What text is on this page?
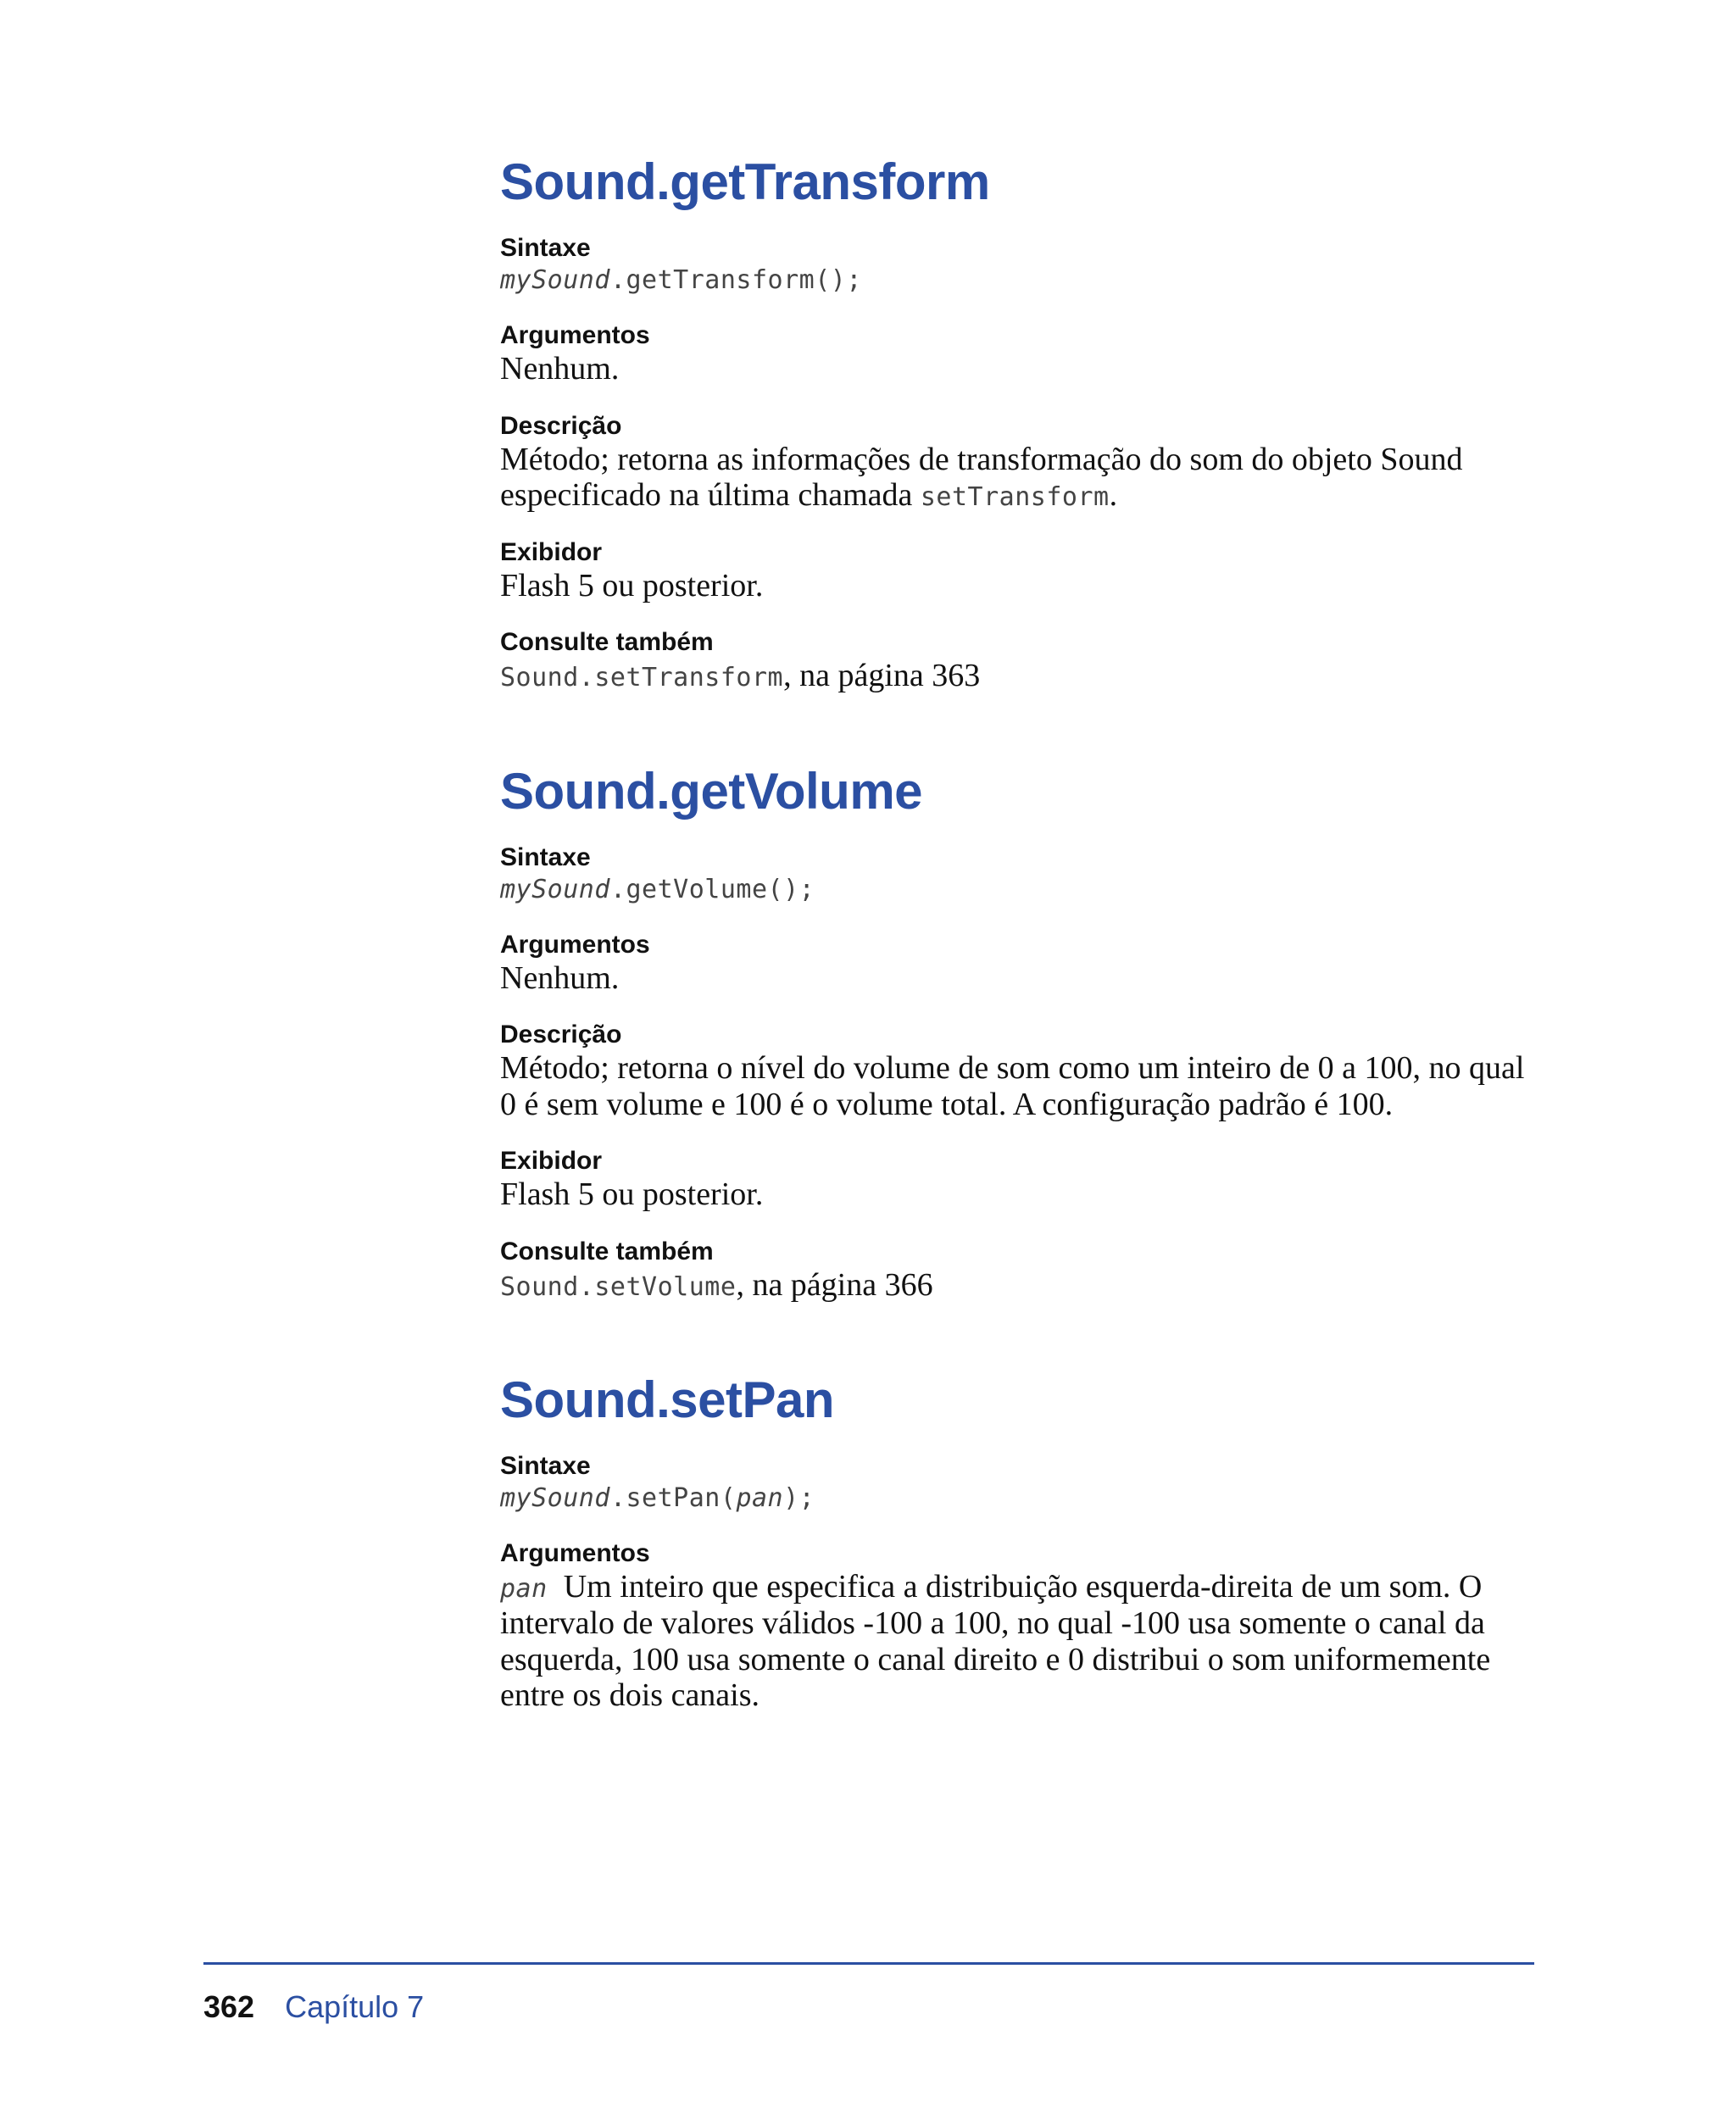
Sound.getTransform

Sintaxe

mySound.getTransform();

Argumentos

Nenhum.

Descrição

Método; retorna as informações de transformação do som do objeto Sound especificado na última chamada setTransform.

Exibidor

Flash 5 ou posterior.

Consulte também

Sound.setTransform, na página 363

Sound.getVolume

Sintaxe

mySound.getVolume();

Argumentos

Nenhum.

Descrição

Método; retorna o nível do volume de som como um inteiro de 0 a 100, no qual 0 é sem volume e 100 é o volume total. A configuração padrão é 100.

Exibidor

Flash 5 ou posterior.

Consulte também

Sound.setVolume, na página 366

Sound.setPan

Sintaxe

mySound.setPan(pan);

Argumentos

pan Um inteiro que especifica a distribuição esquerda-direita de um som. O intervalo de valores válidos -100 a 100, no qual -100 usa somente o canal da esquerda, 100 usa somente o canal direito e 0 distribui o som uniformemente entre os dois canais.

362 Capítulo 7
